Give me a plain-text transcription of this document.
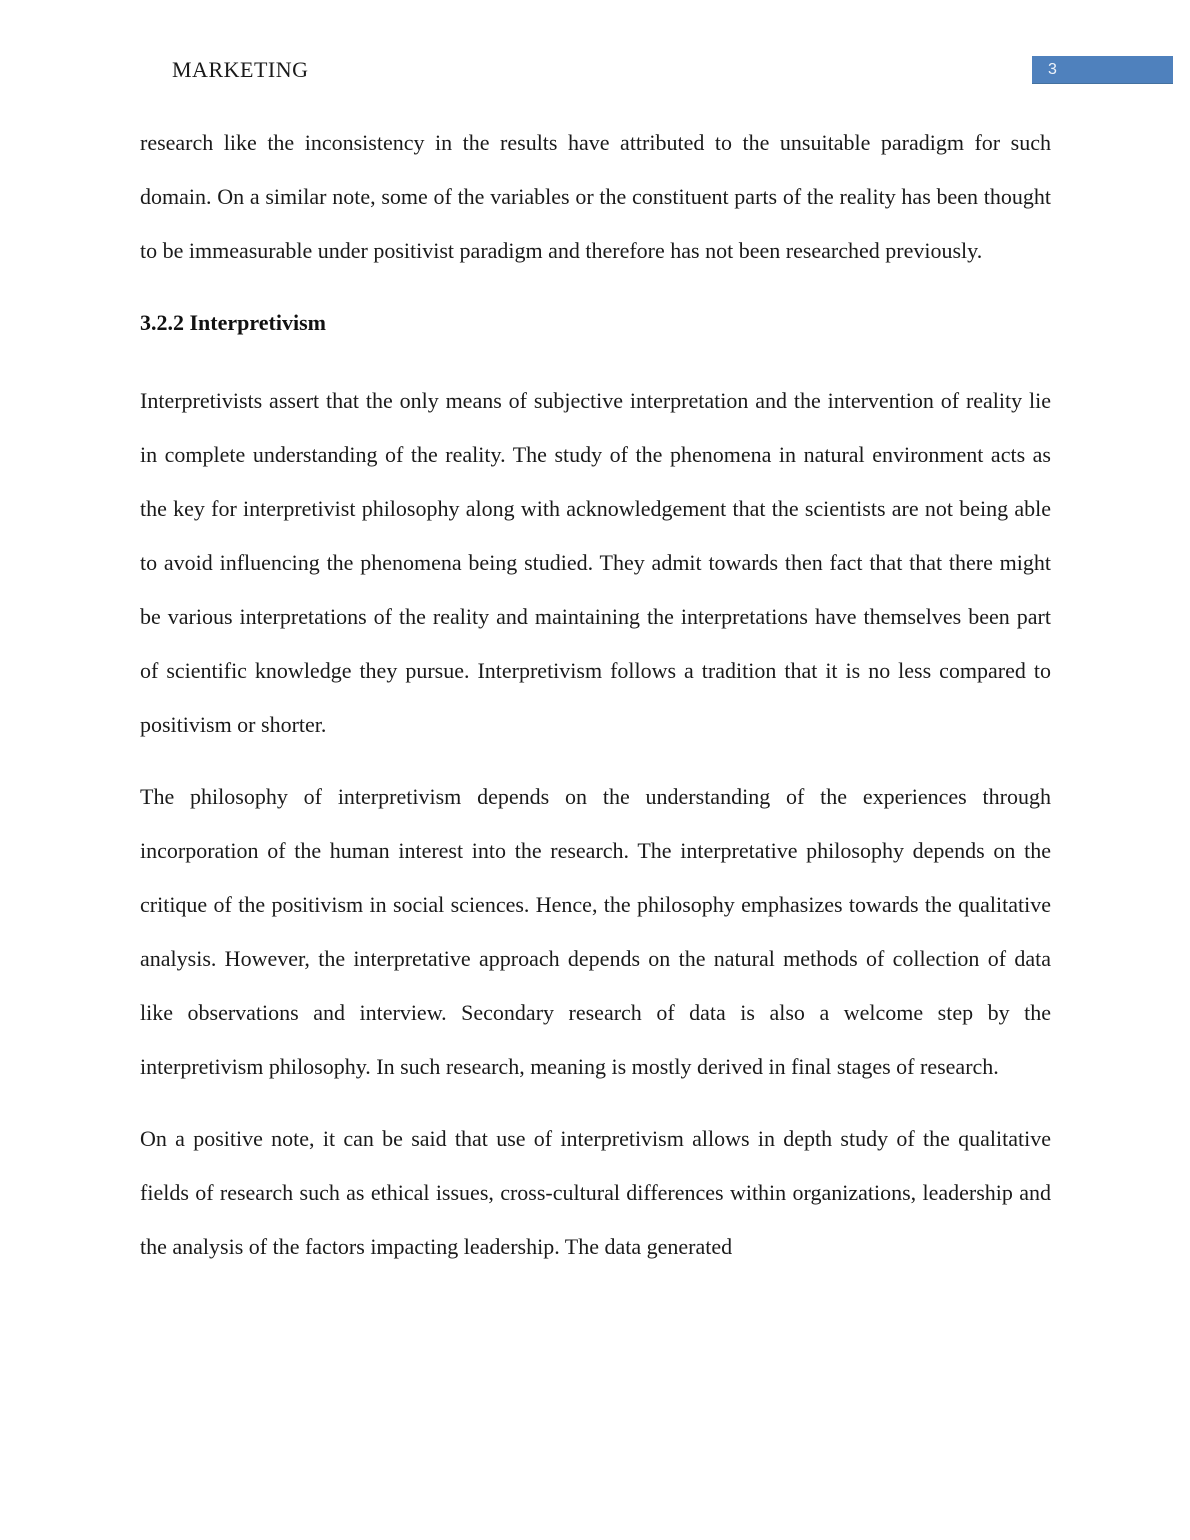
MARKETING	3

research like the inconsistency in the results have attributed to the unsuitable paradigm for such domain. On a similar note, some of the variables or the constituent parts of the reality has been thought to be immeasurable under positivist paradigm and therefore has not been researched previously.

3.2.2 Interpretivism

Interpretivists assert that the only means of subjective interpretation and the intervention of reality lie in complete understanding of the reality. The study of the phenomena in natural environment acts as the key for interpretivist philosophy along with acknowledgement that the scientists are not being able to avoid influencing the phenomena being studied. They admit towards then fact that that there might be various interpretations of the reality and maintaining the interpretations have themselves been part of scientific knowledge they pursue. Interpretivism follows a tradition that it is no less compared to positivism or shorter.

The philosophy of interpretivism depends on the understanding of the experiences through incorporation of the human interest into the research. The interpretative philosophy depends on the critique of the positivism in social sciences. Hence, the philosophy emphasizes towards the qualitative analysis. However, the interpretative approach depends on the natural methods of collection of data like observations and interview. Secondary research of data is also a welcome step by the interpretivism philosophy. In such research, meaning is mostly derived in final stages of research.

On a positive note, it can be said that use of interpretivism allows in depth study of the qualitative fields of research such as ethical issues, cross-cultural differences within organizations, leadership and the analysis of the factors impacting leadership. The data generated
